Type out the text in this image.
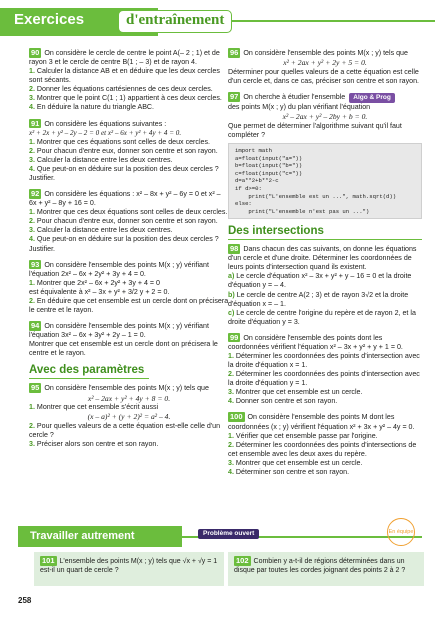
Exercices	d'entraînement
90 On considère le cercle de centre le point A(– 2 ; 1) et de rayon 3 et le cercle de centre B(1 ; – 3) et de rayon 4.
1. Calculer la distance AB et en déduire que les deux cercles sont sécants.
2. Donner les équations cartésiennes de ces deux cercles.
3. Montrer que le point C(1 ; 1) appartient à ces deux cercles.
4. En déduire la nature du triangle ABC.
91 On considère les équations suivantes :
x² + 2x + y² – 2y – 2 = 0 et x² – 6x + y² + 4y + 4 = 0.
1. Montrer que ces équations sont celles de deux cercles.
2. Pour chacun d'entre eux, donner son centre et son rayon.
3. Calculer la distance entre les deux centres.
4. Que peut-on en déduire sur la position des deux cercles ? Justifier.
92 On considère les équations : x² – 8x + y² – 6y = 0 et x² – 6x + y² – 8y + 16 = 0.
1. Montrer que ces deux équations sont celles de deux cercles.
2. Pour chacun d'entre eux, donner son centre et son rayon.
3. Calculer la distance entre les deux centres.
4. Que peut-on en déduire sur la position des deux cercles ? Justifier.
93 On considère l'ensemble des points M(x ; y) vérifiant l'équation 2x² – 6x + 2y² + 3y + 4 = 0.
1. Montrer que 2x² – 6x + 2y² + 3y + 4 = 0
est équivalente à x² – 3x + y² + 3/2 y + 2 = 0.
2. En déduire que cet ensemble est un cercle dont on précisera le centre et le rayon.
94 On considère l'ensemble des points M(x ; y) vérifiant l'équation 3x² – 6x + 3y² + 2y – 1 = 0.
Montrer que cet ensemble est un cercle dont on précisera le centre et le rayon.
Avec des paramètres
95 On considère l'ensemble des points M(x ; y) tels que
x² – 2ax + y² + 4y + 8 = 0.
1. Montrer que cet ensemble s'écrit aussi
(x – a)² + (y + 2)² = a² – 4.
2. Pour quelles valeurs de a cette équation est-elle celle d'un cercle ?
3. Préciser alors son centre et son rayon.
96 On considère l'ensemble des points M(x ; y) tels que
x² + 2ax + y² + 2y + 5 = 0.
Déterminer pour quelles valeurs de a cette équation est celle d'un cercle et, dans ce cas, préciser son centre et son rayon.
97 On cherche à étudier l'ensemble Algo & Prog
des points M(x ; y) du plan vérifiant l'équation
x² – 2ax + y² – 2by + b = 0.
Que permet de déterminer l'algorithme suivant qu'il faut compléter ?
import math
a=float(input("a="))
b=float(input("b="))
c=float(input("c="))
d=a**2+b**2-c
if d>=0:
print("L'ensemble est un ...", math.sqrt(d))
else:
print("L'ensemble n'est pas un ...")
Des intersections
98 Dans chacun des cas suivants, on donne les équations d'un cercle et d'une droite. Déterminer les coordonnées de leurs points d'intersection quand ils existent.
a) Le cercle d'équation x² – 3x + y² + y – 16 = 0 et la droite d'équation y = – 4.
b) Le cercle de centre A(2 ; 3) et de rayon 3√2 et la droite d'équation x = – 1.
c) Le cercle de centre l'origine du repère et de rayon 2, et la droite d'équation y = 3.
99 On considère l'ensemble des points dont les coordonnées vérifient l'équation x² – 3x + y² + y + 1 = 0.
1. Déterminer les coordonnées des points d'intersection avec la droite d'équation x = 1.
2. Déterminer les coordonnées des points d'intersection avec la droite d'équation y = 1.
3. Montrer que cet ensemble est un cercle.
4. Donner son centre et son rayon.
100 On considère l'ensemble des points M dont les coordonnées (x ; y) vérifient l'équation x² + 3x + y² – 4y = 0.
1. Vérifier que cet ensemble passe par l'origine.
2. Déterminer les coordonnées des points d'intersections de cet ensemble avec les deux axes du repère.
3. Montrer que cet ensemble est un cercle.
4. Déterminer son centre et son rayon.
Travailler autrement	Problème ouvert	En équipe
101 L'ensemble des points M(x ; y) tels que √x + √y = 1 est-il un quart de cercle ?
102 Combien y a-t-il de régions déterminées dans un disque par toutes les cordes joignant des points 2 à 2 ?
258
